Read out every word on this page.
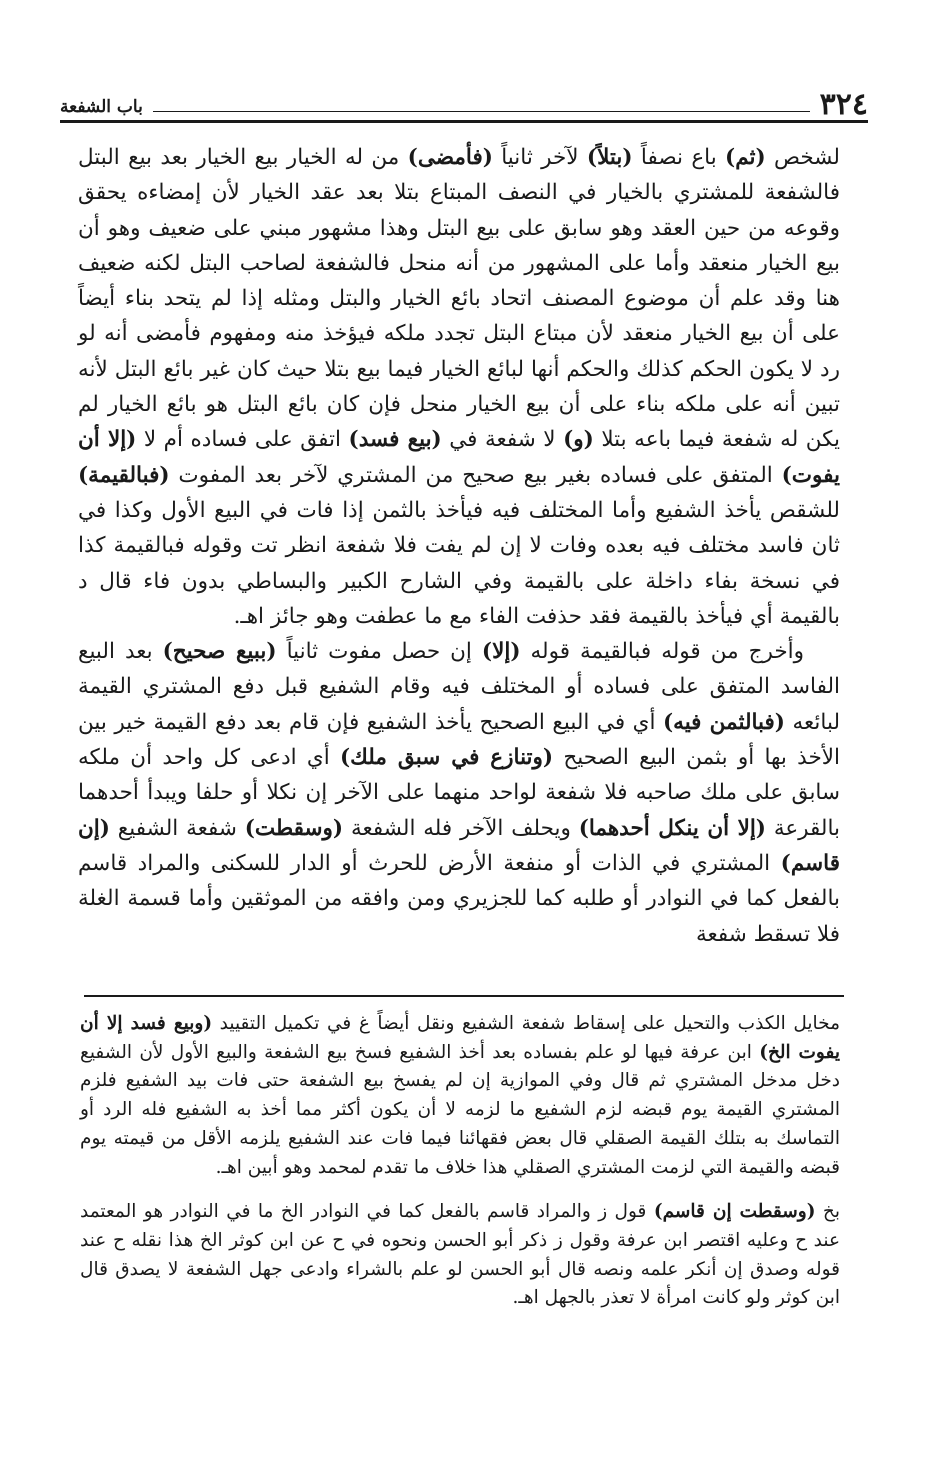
٣٢٤
باب الشفعة

لشخص (ثم) باع نصفاً (بتلاً) لآخر ثانياً (فأمضى) من له الخيار بيع الخيار بعد بيع البتل فالشفعة للمشتري بالخيار في النصف المبتاع بتلا بعد عقد الخيار لأن إمضاءه يحقق وقوعه من حين العقد وهو سابق على بيع البتل وهذا مشهور مبني على ضعيف وهو أن بيع الخيار منعقد وأما على المشهور من أنه منحل فالشفعة لصاحب البتل لكنه ضعيف هنا وقد علم أن موضوع المصنف اتحاد بائع الخيار والبتل ومثله إذا لم يتحد بناء أيضاً على أن بيع الخيار منعقد لأن مبتاع البتل تجدد ملكه فيؤخذ منه ومفهوم فأمضى أنه لو رد لا يكون الحكم كذلك والحكم أنها لبائع الخيار فيما بيع بتلا حيث كان غير بائع البتل لأنه تبين أنه على ملكه بناء على أن بيع الخيار منحل فإن كان بائع البتل هو بائع الخيار لم يكن له شفعة فيما باعه بتلا (و) لا شفعة في (بيع فسد) اتفق على فساده أم لا (إلا أن يفوت) المتفق على فساده بغير بيع صحيح من المشتري لآخر بعد المفوت (فبالقيمة) للشقص يأخذ الشفيع وأما المختلف فيه فيأخذ بالثمن إذا فات في البيع الأول وكذا في ثان فاسد مختلف فيه بعده وفات لا إن لم يفت فلا شفعة انظر تت وقوله فبالقيمة كذا في نسخة بفاء داخلة على بالقيمة وفي الشارح الكبير والبساطي بدون فاء قال د بالقيمة أي فيأخذ بالقيمة فقد حذفت الفاء مع ما عطفت وهو جائز اهـ.

وأخرج من قوله فبالقيمة قوله (إلا) إن حصل مفوت ثانياً (ببيع صحيح) بعد البيع الفاسد المتفق على فساده أو المختلف فيه وقام الشفيع قبل دفع المشتري القيمة لبائعه (فبالثمن فيه) أي في البيع الصحيح يأخذ الشفيع فإن قام بعد دفع القيمة خير بين الأخذ بها أو بثمن البيع الصحيح (وتنازع في سبق ملك) أي ادعى كل واحد أن ملكه سابق على ملك صاحبه فلا شفعة لواحد منهما على الآخر إن نكلا أو حلفا ويبدأ أحدهما بالقرعة (إلا أن ينكل أحدهما) ويحلف الآخر فله الشفعة (وسقطت) شفعة الشفيع (إن قاسم) المشتري في الذات أو منفعة الأرض للحرث أو الدار للسكنى والمراد قاسم بالفعل كما في النوادر أو طلبه كما للجزيري ومن وافقه من الموثقين وأما قسمة الغلة فلا تسقط شفعة

مخايل الكذب والتحيل على إسقاط شفعة الشفيع ونقل أيضاً غ في تكميل التقييد (وبيع فسد إلا أن يفوت الخ) ابن عرفة فيها لو علم بفساده بعد أخذ الشفيع فسخ بيع الشفعة والبيع الأول لأن الشفيع دخل مدخل المشتري ثم قال وفي الموازية إن لم يفسخ بيع الشفعة حتى فات بيد الشفيع فلزم المشتري القيمة يوم قبضه لزم الشفيع ما لزمه لا أن يكون أكثر مما أخذ به الشفيع فله الرد أو التماسك به بتلك القيمة الصقلي قال بعض فقهائنا فيما فات عند الشفيع يلزمه الأقل من قيمته يوم قبضه والقيمة التي لزمت المشتري الصقلي هذا خلاف ما تقدم لمحمد وهو أبين اهـ.

بخ (وسقطت إن قاسم) قول ز والمراد قاسم بالفعل كما في النوادر الخ ما في النوادر هو المعتمد عند ح وعليه اقتصر ابن عرفة وقول ز ذكر أبو الحسن ونحوه في ح عن ابن كوثر الخ هذا نقله ح عند قوله وصدق إن أنكر علمه ونصه قال أبو الحسن لو علم بالشراء وادعى جهل الشفعة لا يصدق قال ابن كوثر ولو كانت امرأة لا تعذر بالجهل اهـ.
